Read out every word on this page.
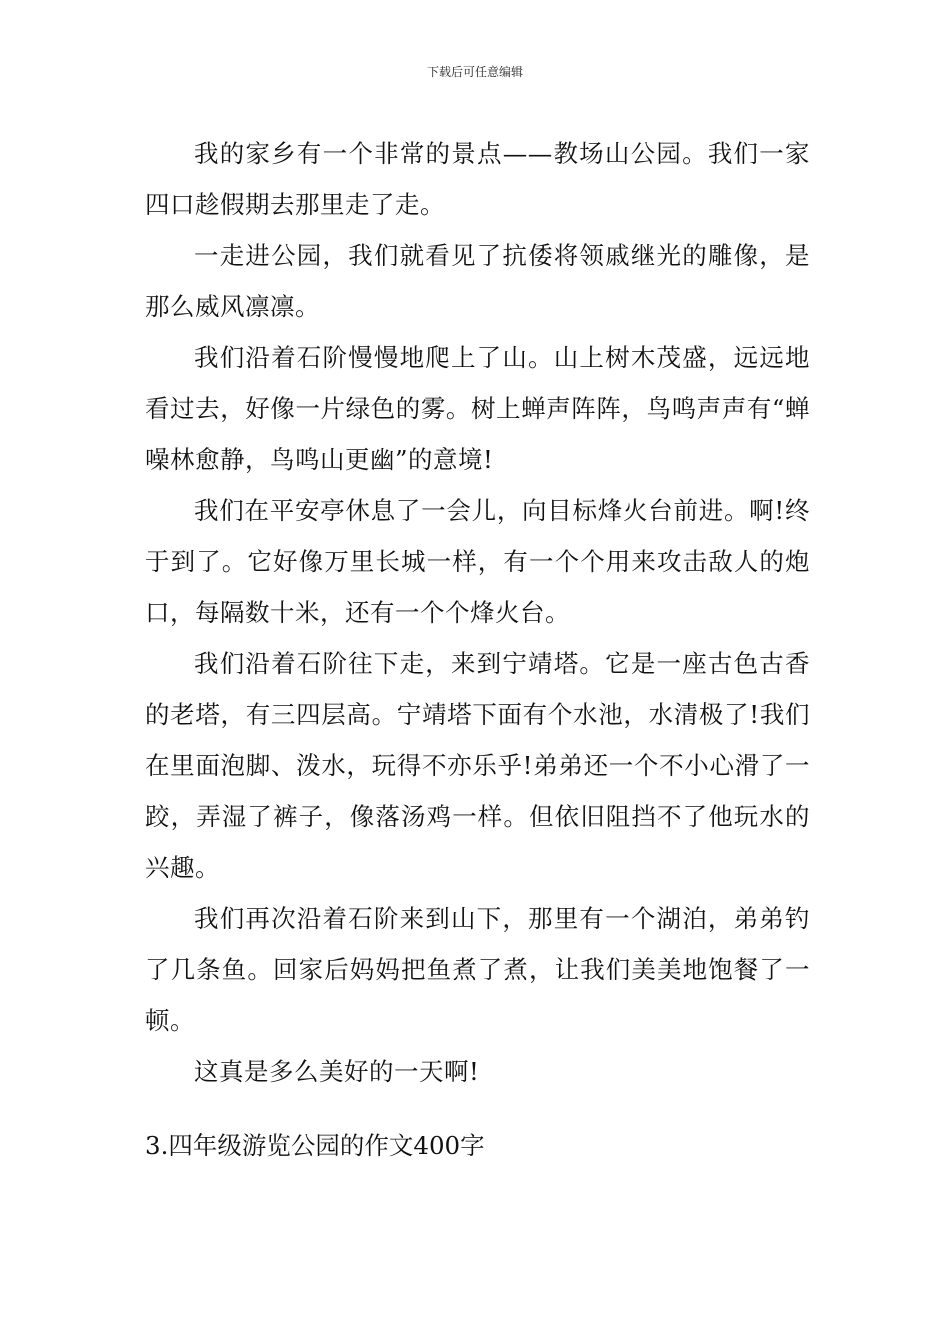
下载后可任意编辑

我的家乡有一个非常的景点——教场山公园。我们一家四口趁假期去那里走了走。

一走进公园，我们就看见了抗倭将领戚继光的雕像，是那么威风凛凛。

我们沿着石阶慢慢地爬上了山。山上树木茂盛，远远地看过去，好像一片绿色的雾。树上蝉声阵阵，鸟鸣声声有“蝉噪林愈静，鸟鸣山更幽”的意境!

我们在平安亭休息了一会儿，向目标烽火台前进。啊!终于到了。它好像万里长城一样，有一个个用来攻击敌人的炮口，每隔数十米，还有一个个烽火台。

我们沿着石阶往下走，来到宁靖塔。它是一座古色古香的老塔，有三四层高。宁靖塔下面有个水池，水清极了!我们在里面泡脚、泼水，玩得不亦乐乎!弟弟还一个不小心滑了一跤，弄湿了裤子，像落汤鸡一样。但依旧阻挡不了他玩水的兴趣。

我们再次沿着石阶来到山下，那里有一个湖泊，弟弟钓了几条鱼。回家后妈妈把鱼煮了煮，让我们美美地饱餐了一顿。

这真是多么美好的一天啊!

3.四年级游览公园的作文400字
